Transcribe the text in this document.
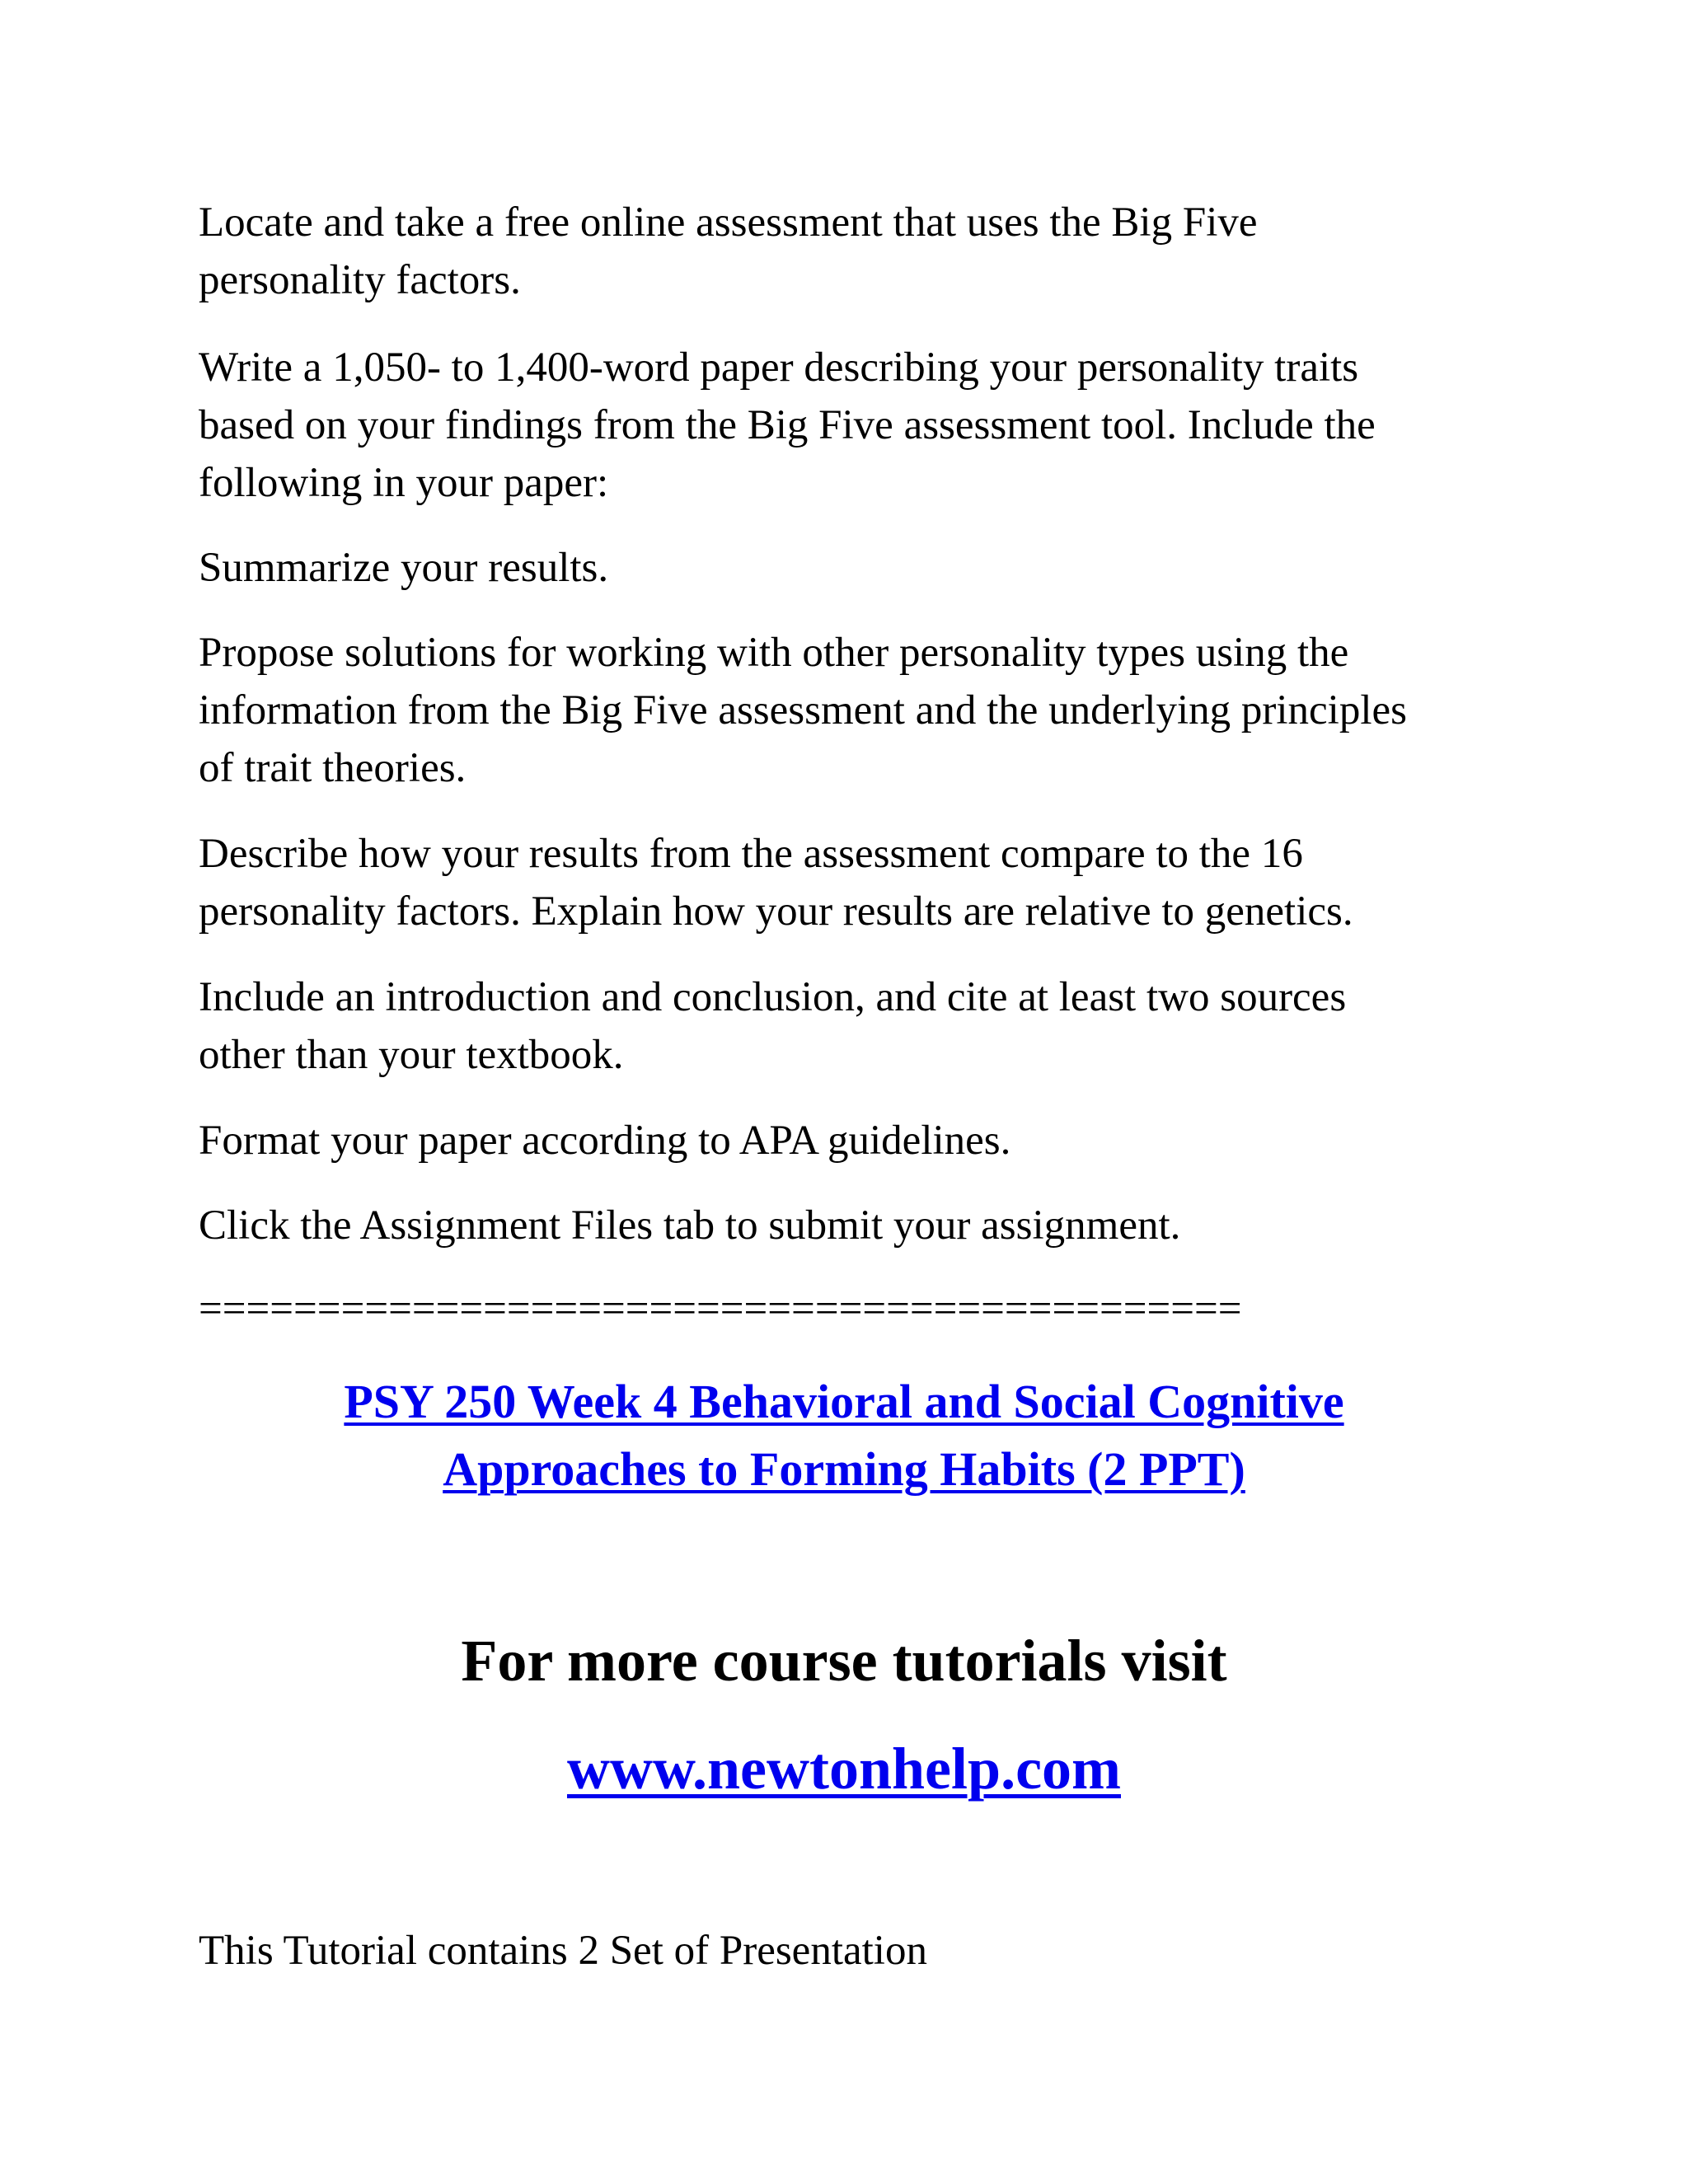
Locate and take a free online assessment that uses the Big Five
personality factors.

Write a 1,050- to 1,400-word paper describing your personality traits
based on your findings from the Big Five assessment tool. Include the
following in your paper:

Summarize your results.

Propose solutions for working with other personality types using the
information from the Big Five assessment and the underlying principles
of trait theories.

Describe how your results from the assessment compare to the 16
personality factors. Explain how your results are relative to genetics.

Include an introduction and conclusion, and cite at least two sources
other than your textbook.

Format your paper according to APA guidelines.

Click the Assignment Files tab to submit your assignment.

============================================

PSY 250 Week 4 Behavioral and Social Cognitive
Approaches to Forming Habits (2 PPT)

For more course tutorials visit

www.newtonhelp.com

This Tutorial contains 2 Set of Presentation
